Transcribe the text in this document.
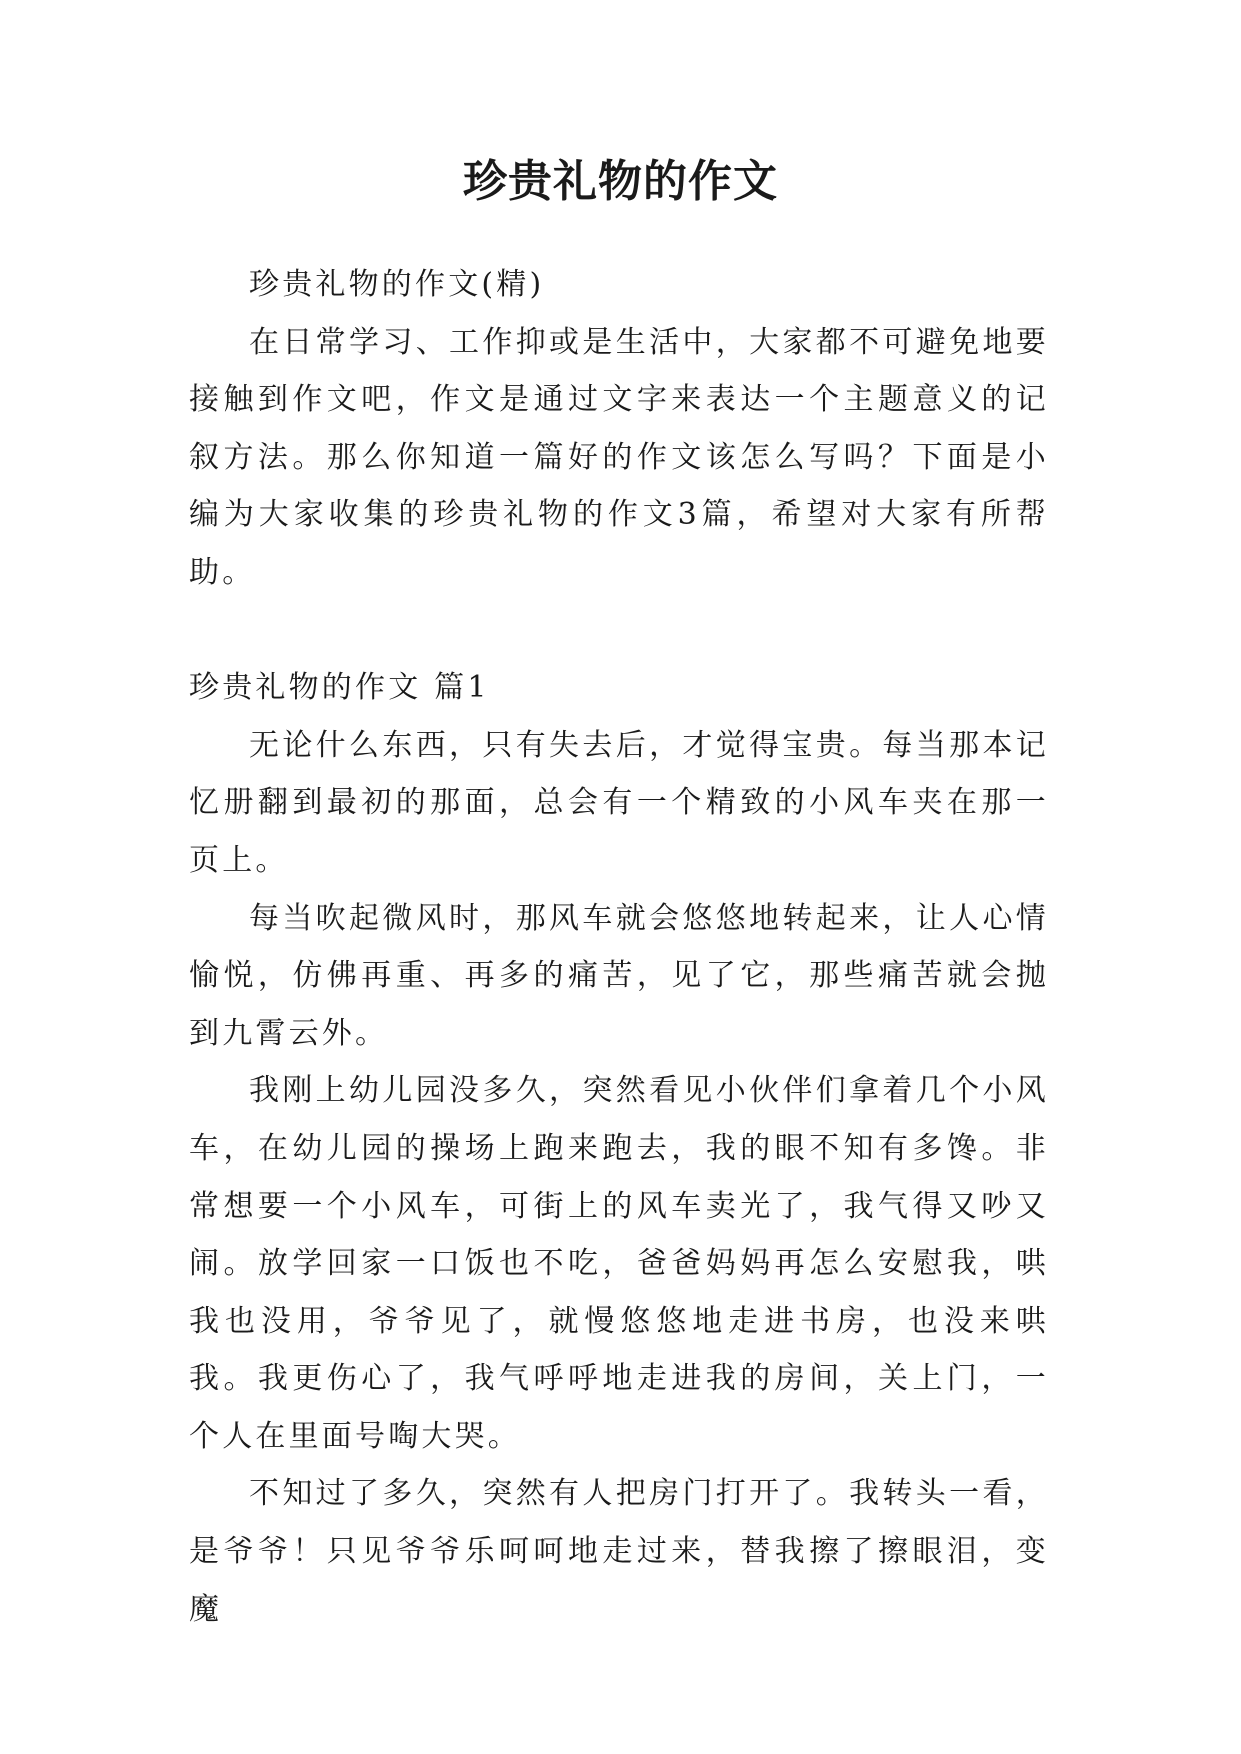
珍贵礼物的作文

珍贵礼物的作文(精)

在日常学习、工作抑或是生活中，大家都不可避免地要接触到作文吧，作文是通过文字来表达一个主题意义的记叙方法。那么你知道一篇好的作文该怎么写吗？下面是小编为大家收集的珍贵礼物的作文3篇，希望对大家有所帮助。

珍贵礼物的作文 篇1

无论什么东西，只有失去后，才觉得宝贵。每当那本记忆册翻到最初的那面，总会有一个精致的小风车夹在那一页上。

每当吹起微风时，那风车就会悠悠地转起来，让人心情愉悦，仿佛再重、再多的痛苦，见了它，那些痛苦就会抛到九霄云外。

我刚上幼儿园没多久，突然看见小伙伴们拿着几个小风车，在幼儿园的操场上跑来跑去，我的眼不知有多馋。非常想要一个小风车，可街上的风车卖光了，我气得又吵又闹。放学回家一口饭也不吃，爸爸妈妈再怎么安慰我，哄我也没用，爷爷见了，就慢悠悠地走进书房，也没来哄我。我更伤心了，我气呼呼地走进我的房间，关上门，一个人在里面号啕大哭。

不知过了多久，突然有人把房门打开了。我转头一看，是爷爷！只见爷爷乐呵呵地走过来，替我擦了擦眼泪，变魔
